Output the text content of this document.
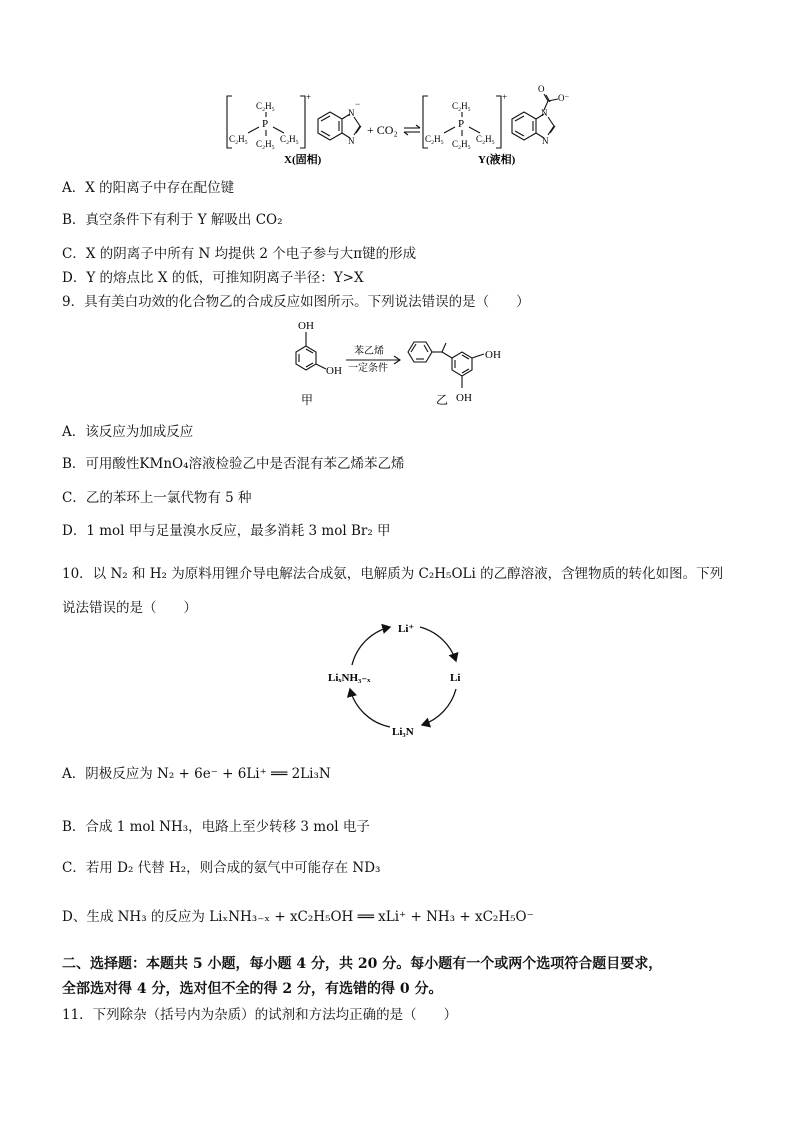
C₂H₅
P
C₂H₅	C₂H₅
C₂H₅
+
N
N
−
+ CO₂	⇌
X(固相)
C₂H₅
P
C₂H₅	C₂H₅
C₂H₅
+
N
N
O
O⁻
Y(液相)
A．X 的阳离子中存在配位键
B．真空条件下有利于 Y 解吸出 CO₂
C．X 的阴离子中所有 N 均提供 2 个电子参与大π键的形成
D．Y 的熔点比 X 的低，可推知阴离子半径：Y>X
9．具有美白功效的化合物乙的合成反应如图所示。下列说法错误的是（　　）
OH
OH
苯乙烯
一定条件
OH
OH
甲	乙
A．该反应为加成反应
B．可用酸性KMnO₄溶液检验乙中是否混有苯乙烯苯乙烯
C．乙的苯环上一氯代物有 5 种
D．1 mol 甲与足量溴水反应，最多消耗 3 mol Br₂ 甲
10．以 N₂ 和 H₂ 为原料用锂介导电解法合成氨，电解质为 C₂H₅OLi 的乙醇溶液，含锂物质的转化如图。下列
说法错误的是（　　）
Li⁺
Li
Li₃N
LiₓNH₃₋ₓ
A．阴极反应为 N₂ + 6e⁻ + 6Li⁺ ══ 2Li₃N
B．合成 1 mol NH₃，电路上至少转移 3 mol 电子
C．若用 D₂ 代替 H₂，则合成的氨气中可能存在 ND₃
D、生成 NH₃ 的反应为 LiₓNH₃₋ₓ + xC₂H₅OH ══ xLi⁺ + NH₃ + xC₂H₅O⁻
二、选择题：本题共 5 小题，每小题 4 分，共 20 分。每小题有一个或两个选项符合题目要求，
全部选对得 4 分，选对但不全的得 2 分，有选错的得 0 分。
11．下列除杂（括号内为杂质）的试剂和方法均正确的是（　　）
